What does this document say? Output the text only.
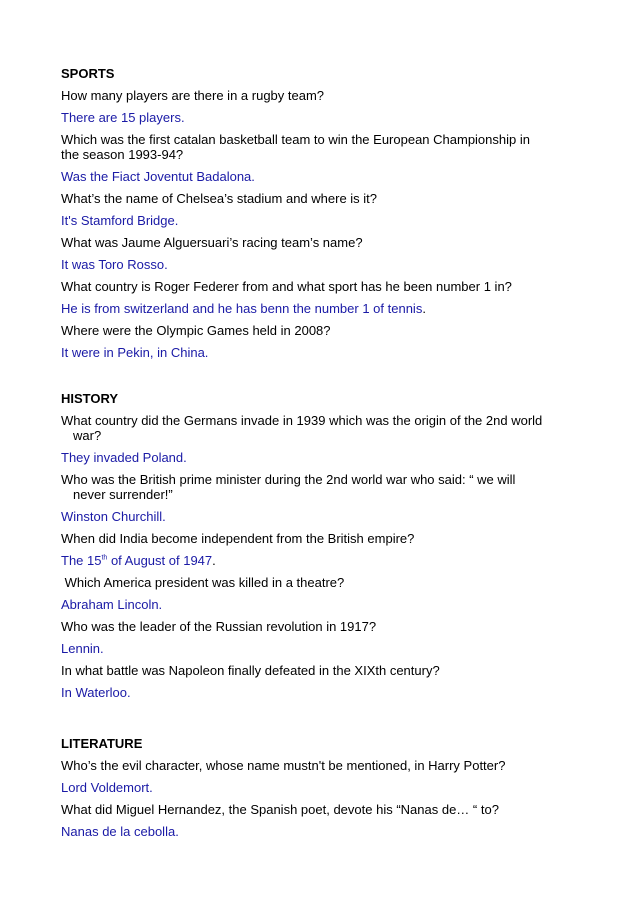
SPORTS
How many players are there in a rugby team?
There are 15 players.
Which was the first catalan basketball team to win the European Championship in
the season 1993-94?
Was the Fiact Joventut Badalona.
What’s the name of Chelsea’s stadium and where is it?
It's Stamford Bridge.
What was Jaume Alguersuari’s racing team’s name?
It was Toro Rosso.
What country is Roger Federer from and what sport has he been number 1 in?
He is from switzerland and he has benn the number 1 of tennis.
Where were the Olympic Games held in 2008?
It were in Pekin, in China.
HISTORY
What country did the Germans invade in 1939 which was the origin of the 2nd world
war?
They invaded Poland.
Who was the British prime minister during the 2nd world war who said: “ we will
never surrender!”
Winston Churchill.
When did India become independent from the British empire?
The 15th of August of 1947.
Which America president was killed in a theatre?
Abraham Lincoln.
Who was the leader of the Russian revolution in 1917?
Lennin.
In what battle was Napoleon finally defeated in the XIXth century?
In Waterloo.
LITERATURE
Who’s the evil character, whose name mustn't be mentioned, in Harry Potter?
Lord Voldemort.
What did Miguel Hernandez, the Spanish poet, devote his “Nanas de… “ to?
Nanas de la cebolla.
